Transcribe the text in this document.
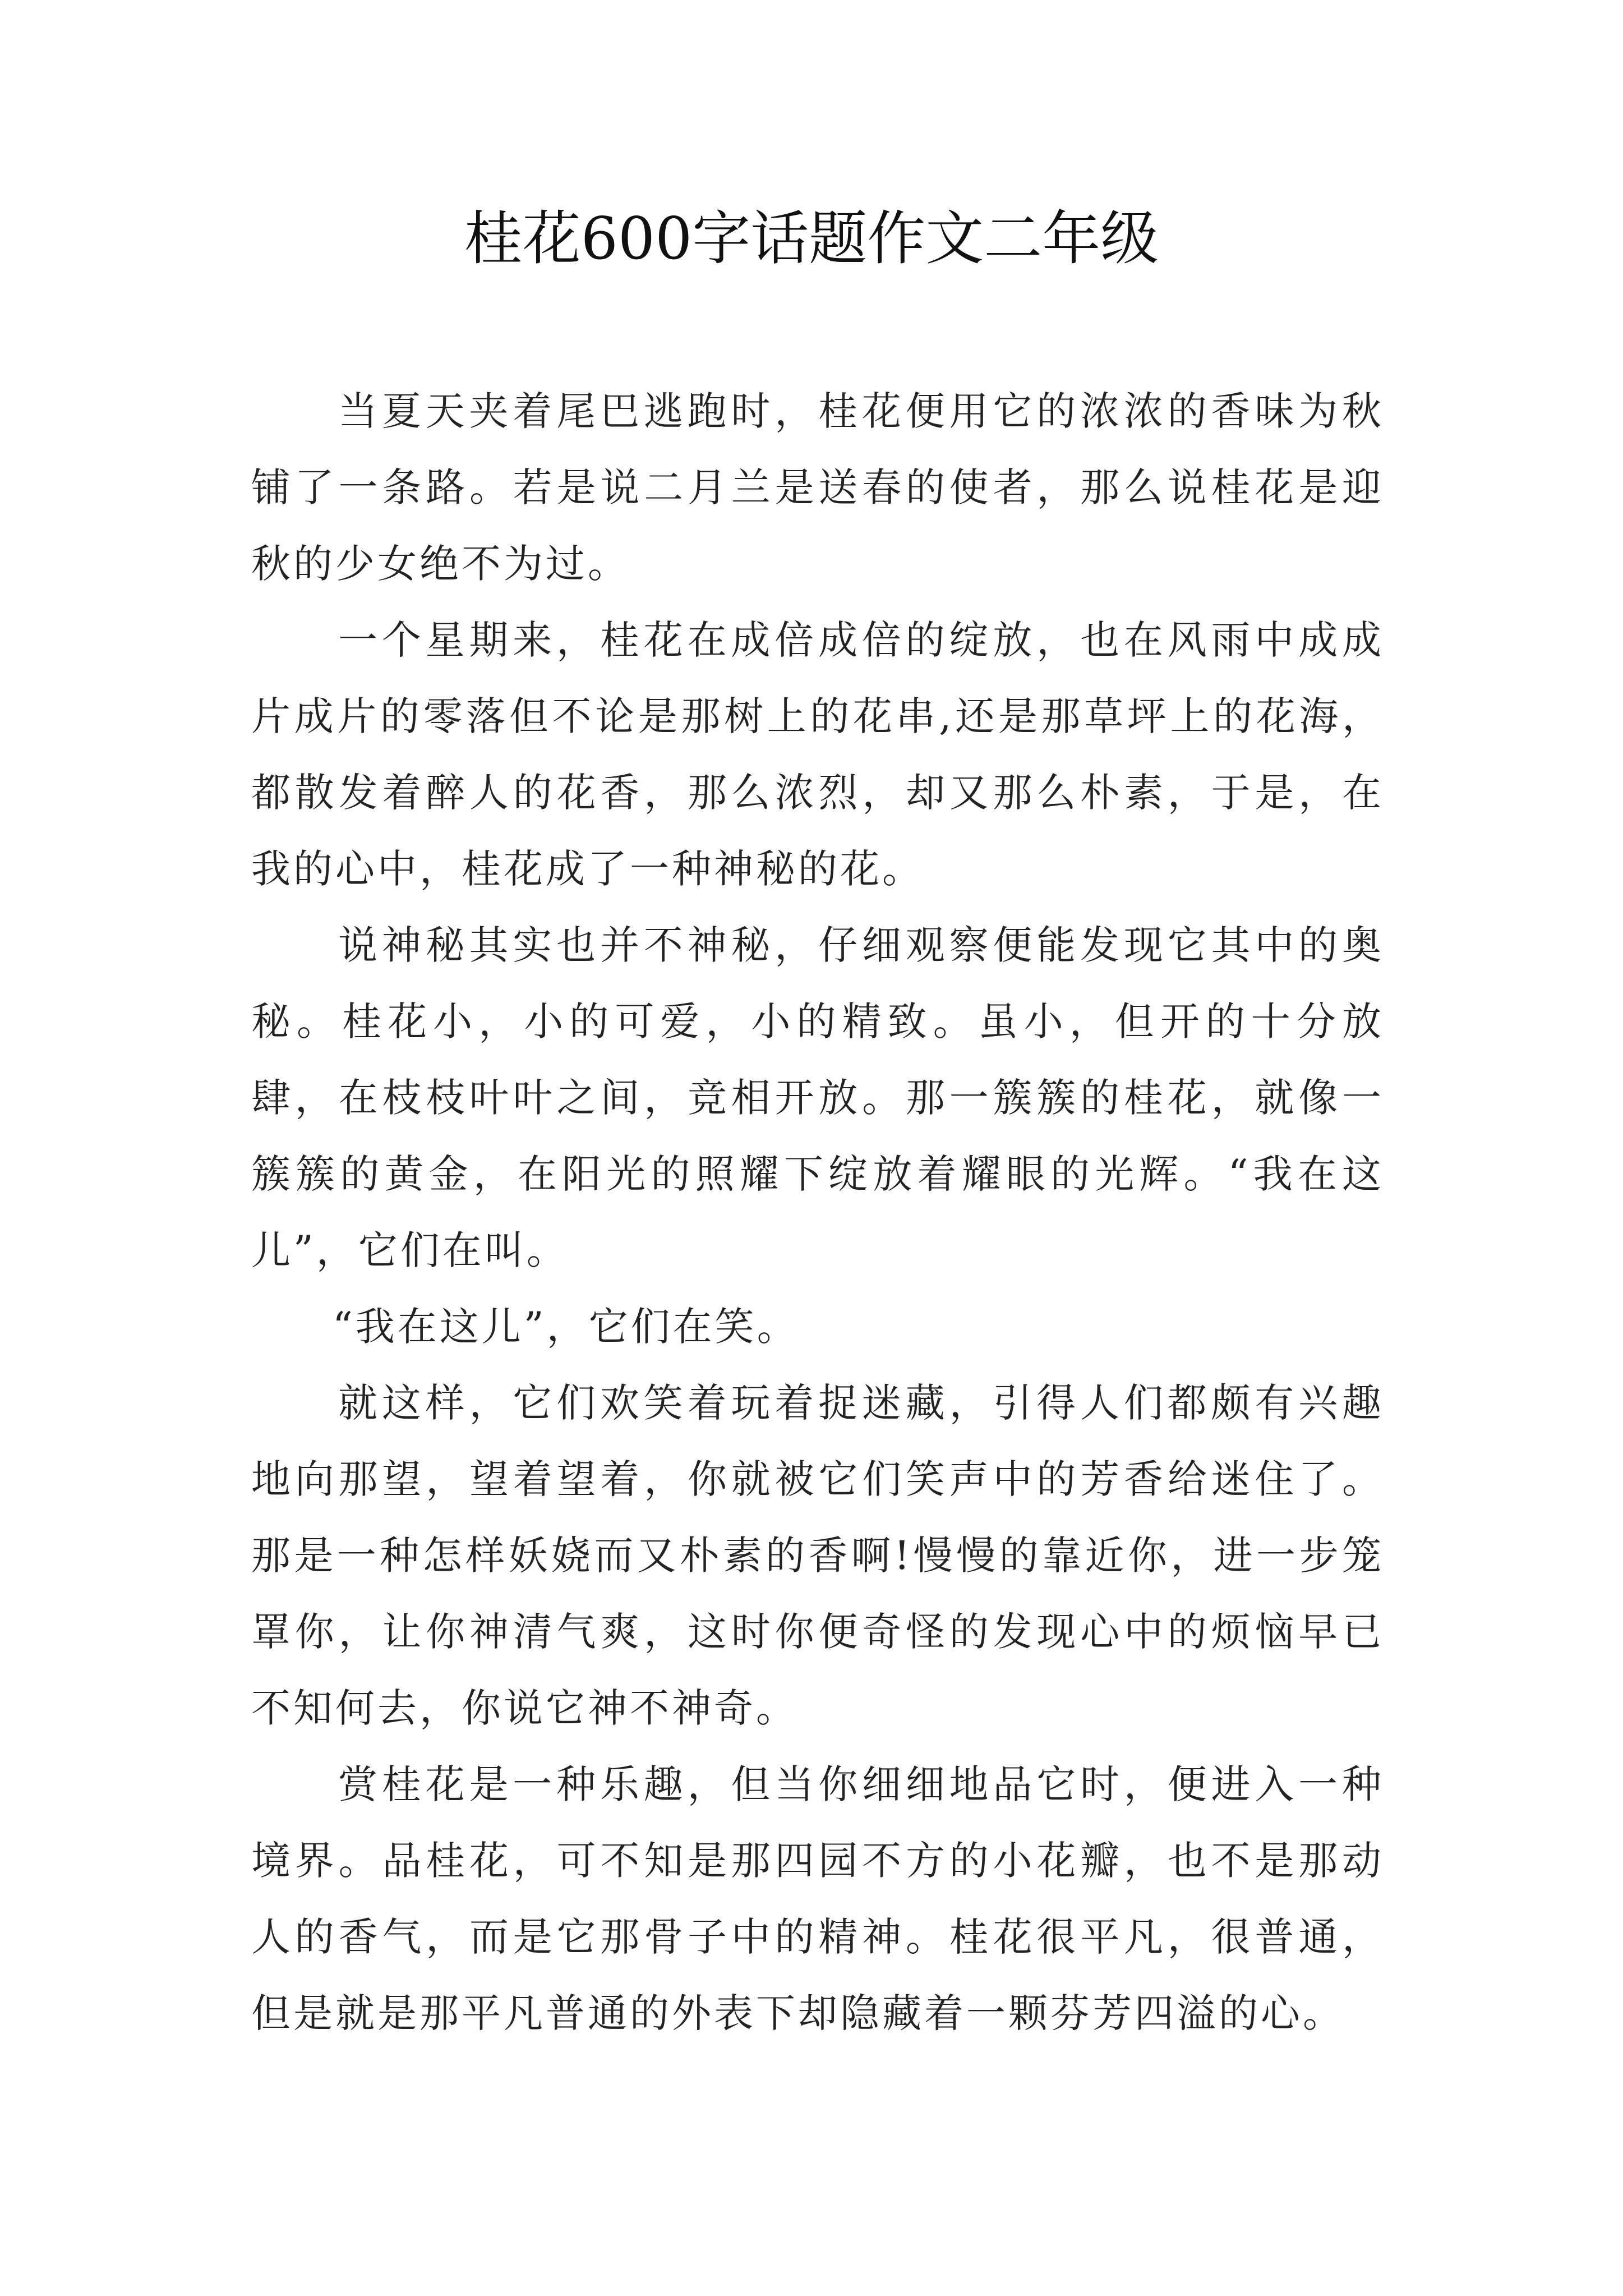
桂花600字话题作文二年级

当夏天夹着尾巴逃跑时，桂花便用它的浓浓的香味为秋铺了一条路。若是说二月兰是送春的使者，那么说桂花是迎秋的少女绝不为过。

一个星期来，桂花在成倍成倍的绽放，也在风雨中成成片成片的零落但不论是那树上的花串,还是那草坪上的花海，都散发着醉人的花香，那么浓烈，却又那么朴素，于是，在我的心中，桂花成了一种神秘的花。

说神秘其实也并不神秘，仔细观察便能发现它其中的奥秘。桂花小，小的可爱，小的精致。虽小，但开的十分放肆，在枝枝叶叶之间，竞相开放。那一簇簇的桂花，就像一簇簇的黄金，在阳光的照耀下绽放着耀眼的光辉。“我在这儿”，它们在叫。

“我在这儿”，它们在笑。

就这样，它们欢笑着玩着捉迷藏，引得人们都颇有兴趣地向那望，望着望着，你就被它们笑声中的芳香给迷住了。那是一种怎样妖娆而又朴素的香啊!慢慢的靠近你，进一步笼罩你，让你神清气爽，这时你便奇怪的发现心中的烦恼早已不知何去，你说它神不神奇。

赏桂花是一种乐趣，但当你细细地品它时，便进入一种境界。品桂花，可不知是那四园不方的小花瓣，也不是那动人的香气，而是它那骨子中的精神。桂花很平凡，很普通，但是就是那平凡普通的外表下却隐藏着一颗芬芳四溢的心。
